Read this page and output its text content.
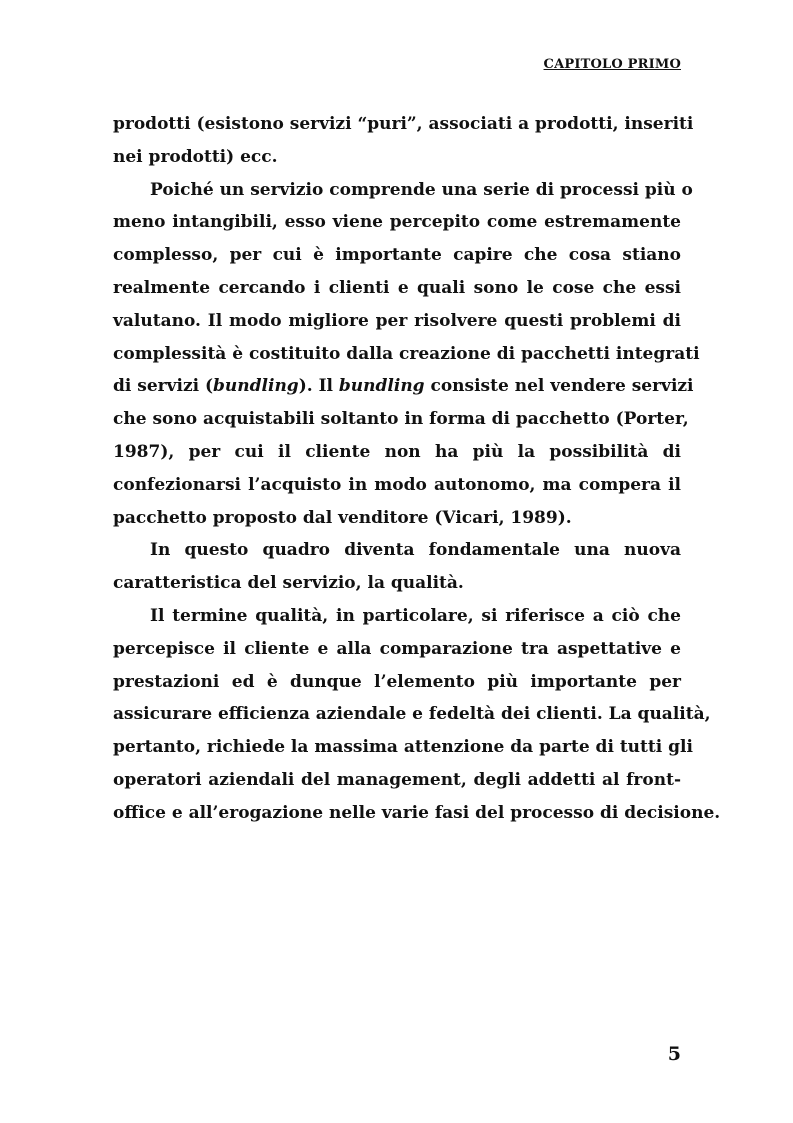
CAPITOLO PRIMO
prodotti (esistono servizi “puri”, associati a prodotti, inseriti
nei prodotti) ecc.
Poiché un servizio comprende una serie di processi più o
meno intangibili, esso viene percepito come estremamente
complesso, per cui è importante capire che cosa stiano
realmente cercando i clienti e quali sono le cose che essi
valutano. Il modo migliore per risolvere questi problemi di
complessità è costituito dalla creazione di pacchetti integrati
di servizi (bundling). Il bundling consiste nel vendere servizi
che sono acquistabili soltanto in forma di pacchetto (Porter,
1987), per cui il cliente non ha più la possibilità di
confezionarsi l’acquisto in modo autonomo, ma compera il
pacchetto proposto dal venditore (Vicari, 1989).
In questo quadro diventa fondamentale una nuova
caratteristica del servizio, la qualità.
Il termine qualità, in particolare, si riferisce a ciò che
percepisce il cliente e alla comparazione tra aspettative e
prestazioni ed è dunque l’elemento più importante per
assicurare efficienza aziendale e fedeltà dei clienti. La qualità,
pertanto, richiede la massima attenzione da parte di tutti gli
operatori aziendali del management, degli addetti al front-
office e all’erogazione nelle varie fasi del processo di decisione.
5
